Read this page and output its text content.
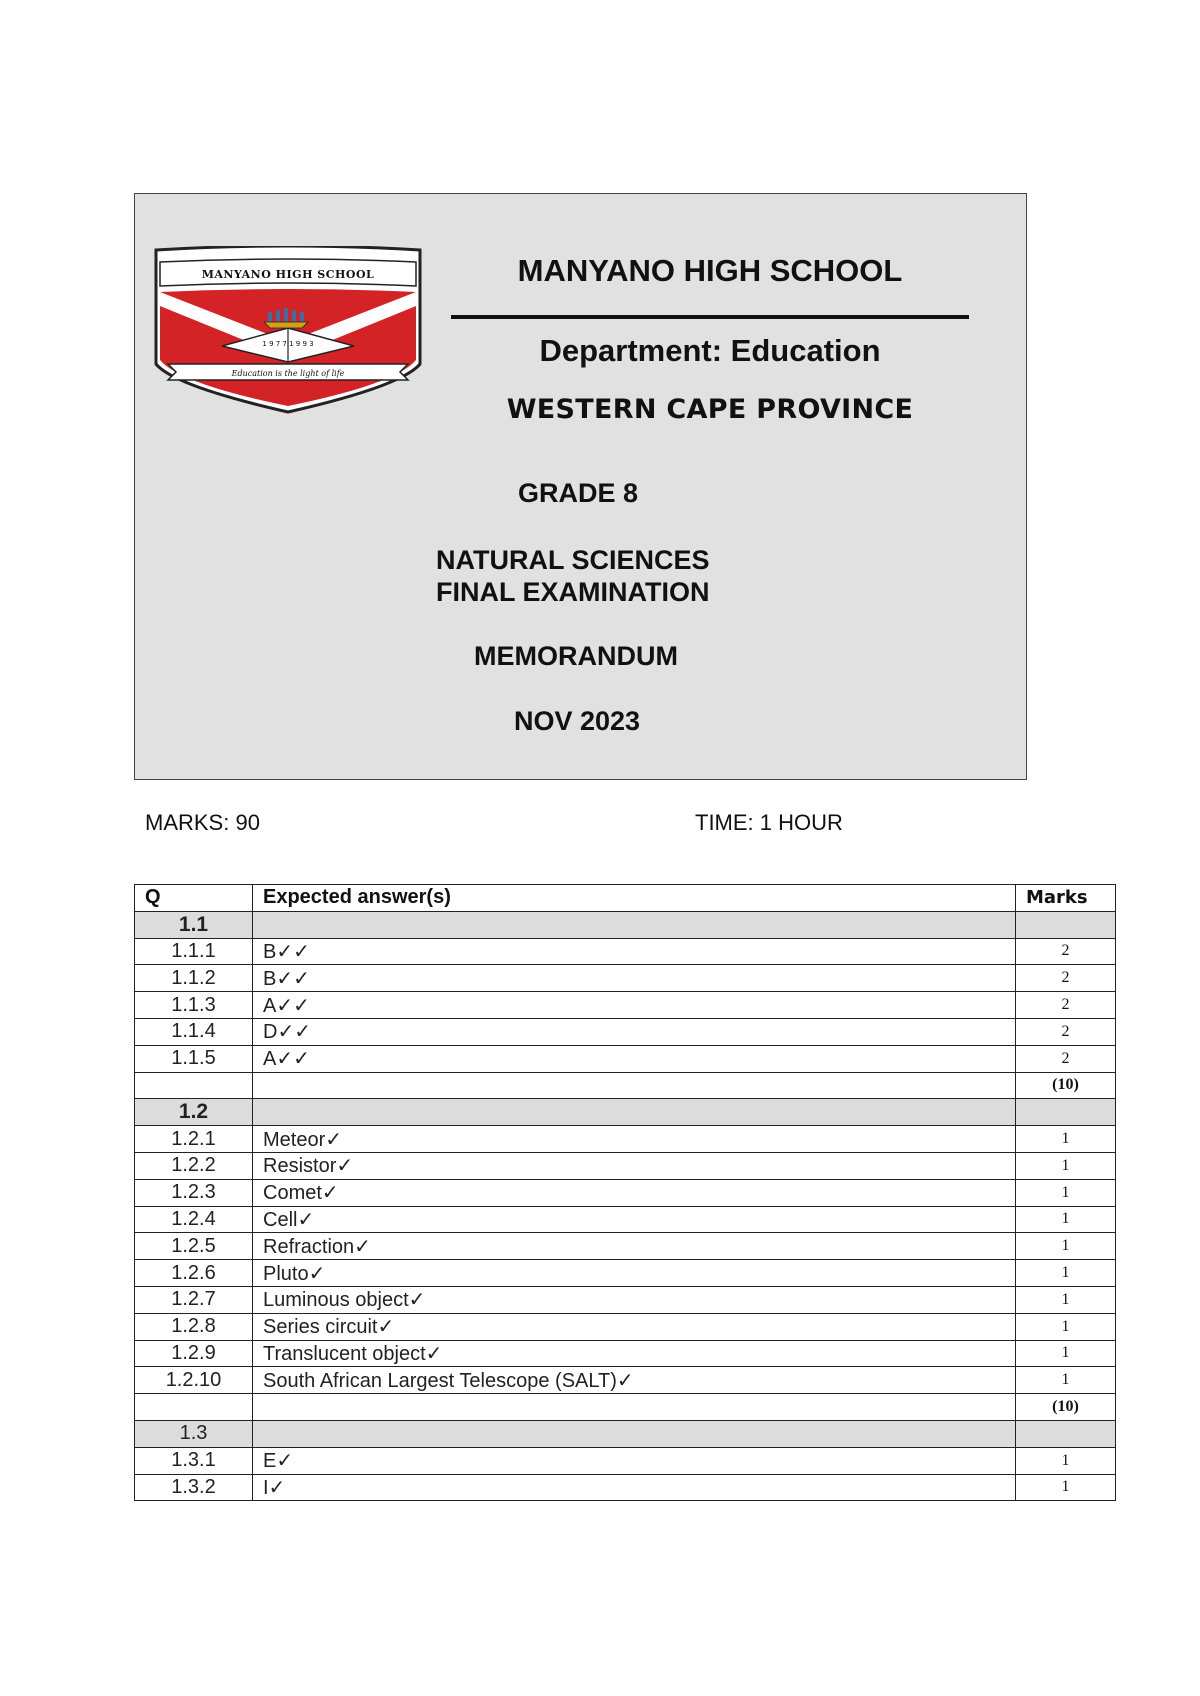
MANYANO HIGH SCHOOL
1 9 7 7 1 9 9 3
Education is the light of life
MANYANO HIGH SCHOOL
Department: Education
WESTERN CAPE PROVINCE
GRADE 8
NATURAL SCIENCES
FINAL EXAMINATION
MEMORANDUM
NOV 2023
MARKS: 90	TIME: 1 HOUR
Q	Expected answer(s)	Marks
1.1		
1.1.1	B✓✓	2
1.1.2	B✓✓	2
1.1.3	A✓✓	2
1.1.4	D✓✓	2
1.1.5	A✓✓	2
		(10)
1.2		
1.2.1	Meteor✓	1
1.2.2	Resistor✓	1
1.2.3	Comet✓	1
1.2.4	Cell✓	1
1.2.5	Refraction✓	1
1.2.6	Pluto✓	1
1.2.7	Luminous object✓	1
1.2.8	Series circuit✓	1
1.2.9	Translucent object✓	1
1.2.10	South African Largest Telescope (SALT)✓	1
		(10)
1.3		
1.3.1	E✓	1
1.3.2	I✓	1
